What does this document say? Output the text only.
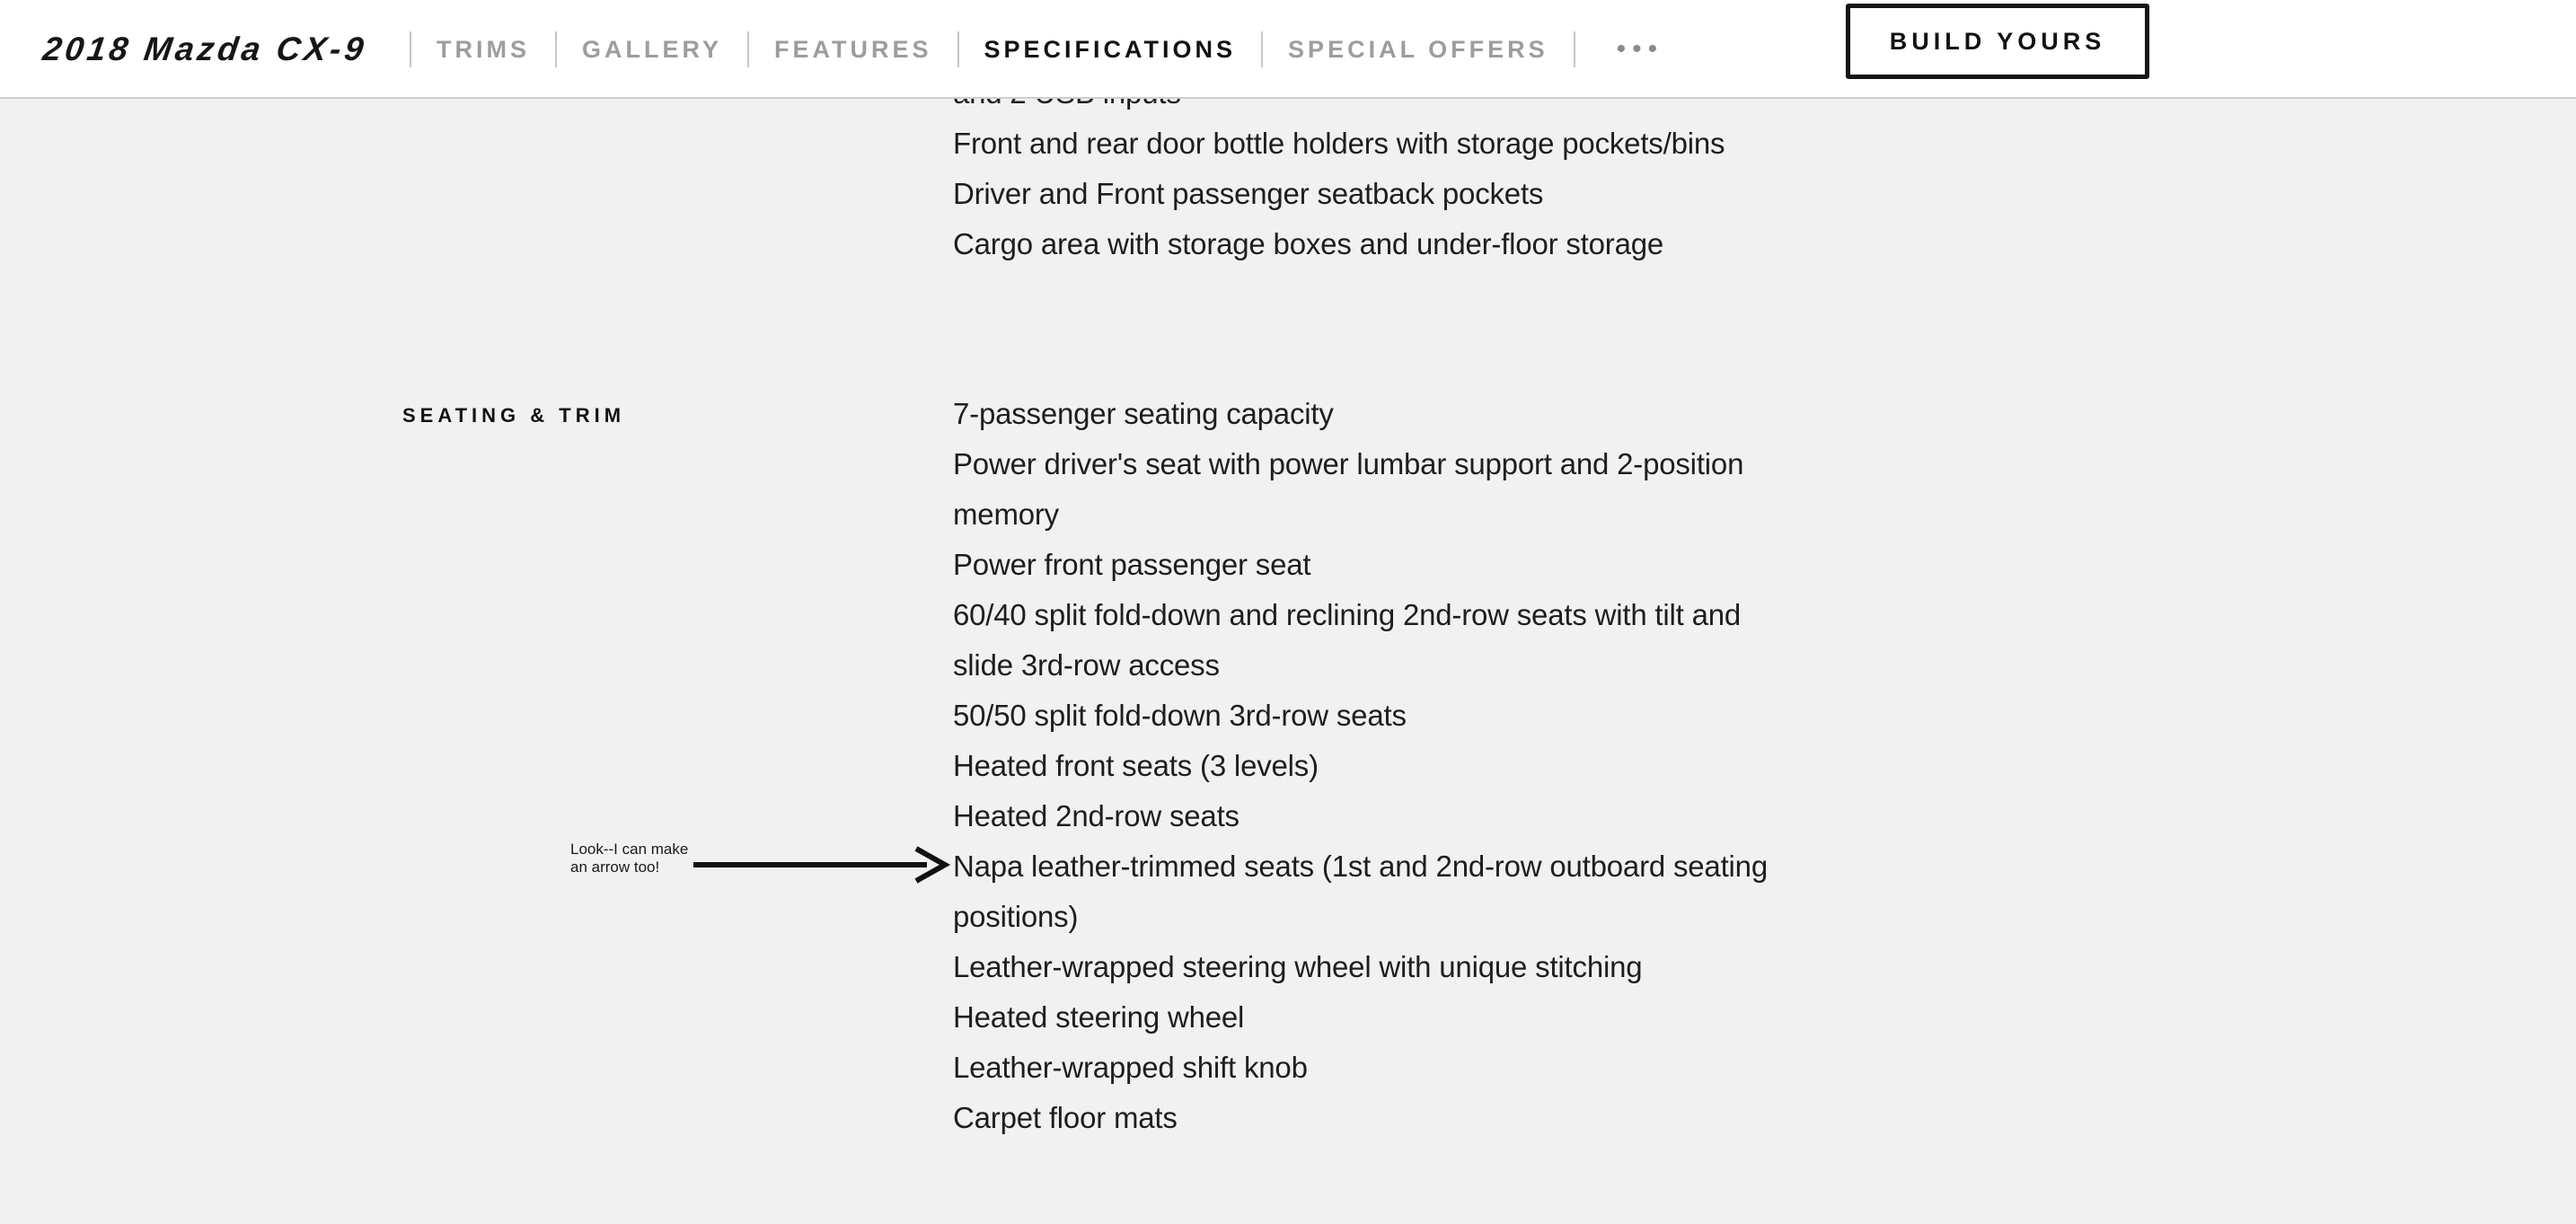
Front and rear door bottle holders with storage pockets/bins
Driver and Front passenger seatback pockets
Cargo area with storage boxes and under-floor storage
SEATING & TRIM	7-passenger seating capacity
Power driver's seat with power lumbar support and 2-position
memory
Power front passenger seat
60/40 split fold-down and reclining 2nd-row seats with tilt and
slide 3rd-row access
50/50 split fold-down 3rd-row seats
Heated front seats (3 levels)
Heated 2nd-row seats
Napa leather-trimmed seats (1st and 2nd-row outboard seating
positions)
Leather-wrapped steering wheel with unique stitching
Heated steering wheel
Leather-wrapped shift knob
Carpet floor mats
Look--I can make
an arrow too!
2018 Mazda CX-9	TRIMS	GALLERY	FEATURES	SPECIFICATIONS	SPECIAL OFFERS	•••	BUILD YOURS
